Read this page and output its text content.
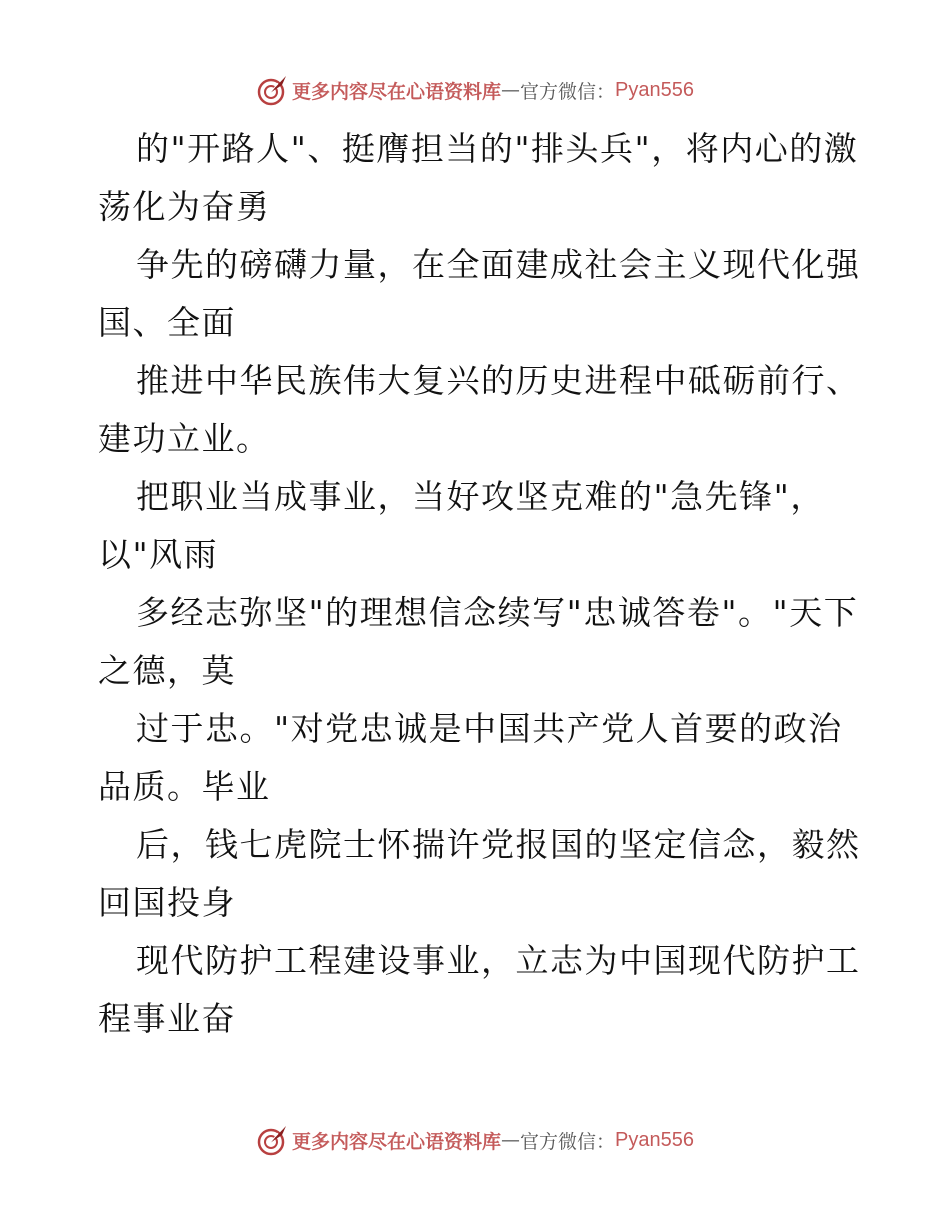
更多内容尽在心语资料库 — 官方微信： Pyan556
的"开路人"、挺膺担当的"排头兵"，将内心的激
荡化为奋勇
争先的磅礴力量，在全面建成社会主义现代化强
国、全面
推进中华民族伟大复兴的历史进程中砥砺前行、
建功立业。
把职业当成事业，当好攻坚克难的"急先锋"，
以"风雨
多经志弥坚"的理想信念续写"忠诚答卷"。"天下
之德，莫
过于忠。"对党忠诚是中国共产党人首要的政治
品质。毕业
后，钱七虎院士怀揣许党报国的坚定信念，毅然
回国投身
现代防护工程建设事业，立志为中国现代防护工
程事业奋
更多内容尽在心语资料库 — 官方微信： Pyan556
